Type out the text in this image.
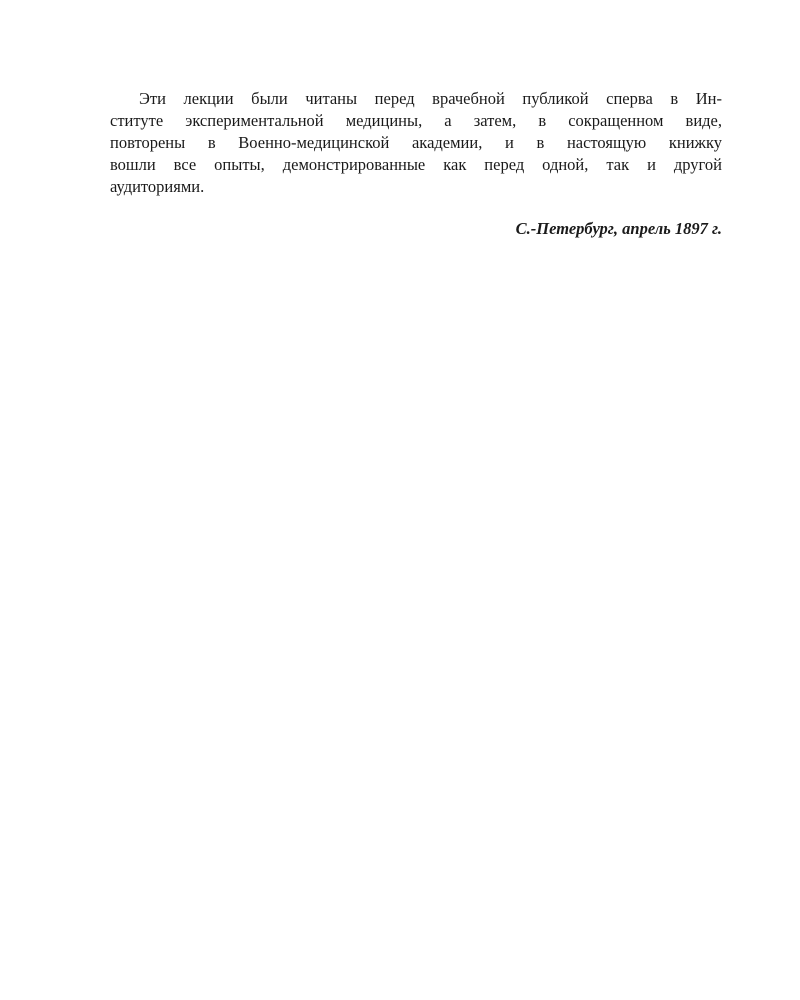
Эти лекции были читаны перед врачебной публикой сперва в Ин-
ституте экспериментальной медицины, а затем, в сокращенном виде,
повторены в Военно-медицинской академии, и в настоящую книжку
вошли все опыты, демонстрированные как перед одной, так и другой
аудиториями.
С.-Петербург, апрель 1897 г.
